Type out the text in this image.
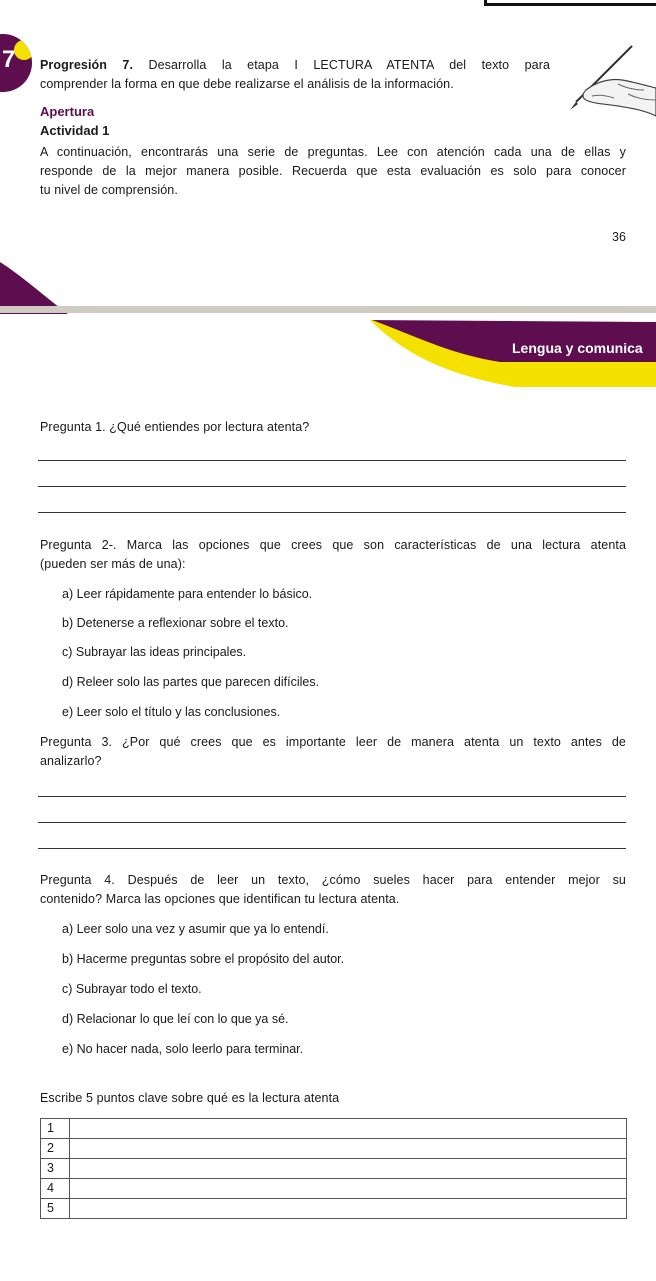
7 Progresión 7. Desarrolla la etapa I LECTURA ATENTA del texto para
comprender la forma en que debe realizarse el análisis de la información.
Apertura
Actividad 1
A continuación, encontrarás una serie de preguntas. Lee con atención cada una de ellas y
responde de la mejor manera posible. Recuerda que esta evaluación es solo para conocer
tu nivel de comprensión.
36
Lengua y comunica
Pregunta 1. ¿Qué entiendes por lectura atenta?
Pregunta 2-. Marca las opciones que crees que son características de una lectura atenta
(pueden ser más de una):
a) Leer rápidamente para entender lo básico.
b) Detenerse a reflexionar sobre el texto.
c) Subrayar las ideas principales.
d) Releer solo las partes que parecen difíciles.
e) Leer solo el título y las conclusiones.
Pregunta 3. ¿Por qué crees que es importante leer de manera atenta un texto antes de
analizarlo?
Pregunta 4. Después de leer un texto, ¿cómo sueles hacer para entender mejor su
contenido? Marca las opciones que identifican tu lectura atenta.
a) Leer solo una vez y asumir que ya lo entendí.
b) Hacerme preguntas sobre el propósito del autor.
c) Subrayar todo el texto.
d) Relacionar lo que leí con lo que ya sé.
e) No hacer nada, solo leerlo para terminar.
Escribe 5 puntos clave sobre qué es la lectura atenta
1	
2	
3	
4	
5	
